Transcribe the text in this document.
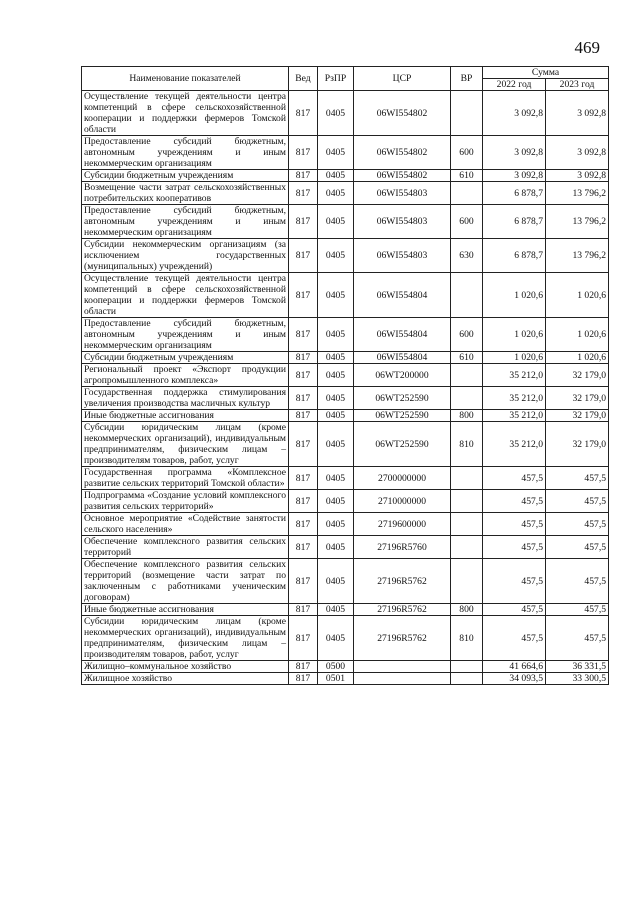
469
Наименование показателей	Вед	РзПР	ЦСР	ВР	Сумма	
					2022 год	2023 год
Осуществление текущей деятельности центра компетенций в сфере сельскохозяйственной кооперации и поддержки фермеров Томской области	817	0405	06WI554802		3 092,8	3 092,8
Предоставление субсидий бюджетным, автономным учреждениям и иным некоммерческим организациям	817	0405	06WI554802	600	3 092,8	3 092,8
Субсидии бюджетным учреждениям	817	0405	06WI554802	610	3 092,8	3 092,8
Возмещение части затрат сельскохозяйственных потребительских кооперативов	817	0405	06WI554803		6 878,7	13 796,2
Предоставление субсидий бюджетным, автономным учреждениям и иным некоммерческим организациям	817	0405	06WI554803	600	6 878,7	13 796,2
Субсидии некоммерческим организациям (за исключением государственных (муниципальных) учреждений)	817	0405	06WI554803	630	6 878,7	13 796,2
Осуществление текущей деятельности центра компетенций в сфере сельскохозяйственной кооперации и поддержки фермеров Томской области	817	0405	06WI554804		1 020,6	1 020,6
Предоставление субсидий бюджетным, автономным учреждениям и иным некоммерческим организациям	817	0405	06WI554804	600	1 020,6	1 020,6
Субсидии бюджетным учреждениям	817	0405	06WI554804	610	1 020,6	1 020,6
Региональный проект «Экспорт продукции агропромышленного комплекса»	817	0405	06WT200000		35 212,0	32 179,0
Государственная поддержка стимулирования увеличения производства масличных культур	817	0405	06WT252590		35 212,0	32 179,0
Иные бюджетные ассигнования	817	0405	06WT252590	800	35 212,0	32 179,0
Субсидии юридическим лицам (кроме некоммерческих организаций), индивидуальным предпринимателям, физическим лицам – производителям товаров, работ, услуг	817	0405	06WT252590	810	35 212,0	32 179,0
Государственная программа «Комплексное развитие сельских территорий Томской области»	817	0405	2700000000		457,5	457,5
Подпрограмма «Создание условий комплексного развития сельских территорий»	817	0405	2710000000		457,5	457,5
Основное мероприятие «Содействие занятости сельского населения»	817	0405	2719600000		457,5	457,5
Обеспечение комплексного развития сельских территорий	817	0405	27196R5760		457,5	457,5
Обеспечение комплексного развития сельских территорий (возмещение части затрат по заключенным с работниками ученическим договорам)	817	0405	27196R5762		457,5	457,5
Иные бюджетные ассигнования	817	0405	27196R5762	800	457,5	457,5
Субсидии юридическим лицам (кроме некоммерческих организаций), индивидуальным предпринимателям, физическим лицам – производителям товаров, работ, услуг	817	0405	27196R5762	810	457,5	457,5
Жилищно–коммунальное хозяйство	817	0500			41 664,6	36 331,5
Жилищное хозяйство	817	0501			34 093,5	33 300,5
